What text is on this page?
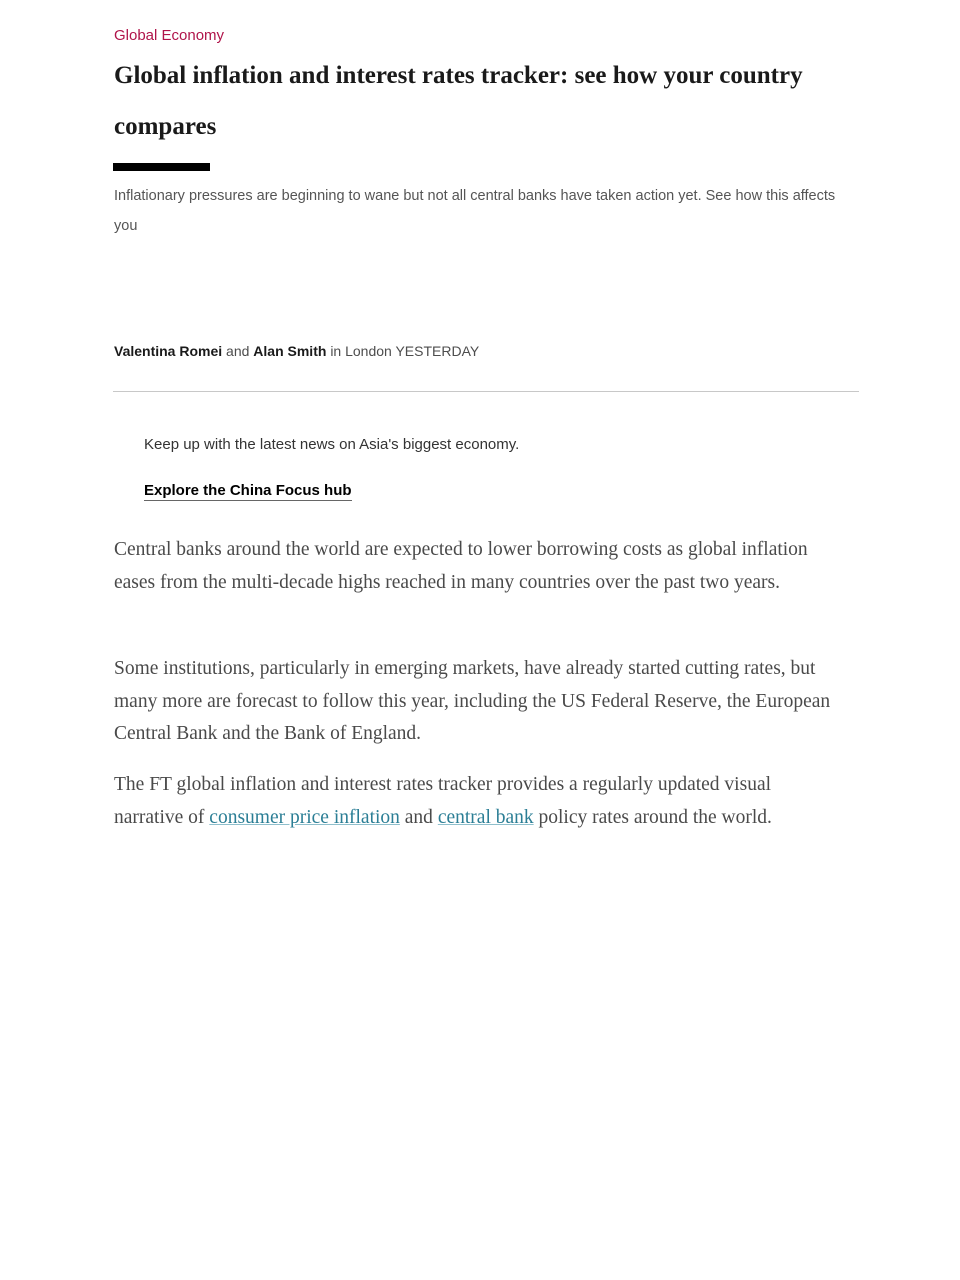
Global Economy
Global inflation and interest rates tracker: see how your country compares

Inflationary pressures are beginning to wane but not all central banks have taken action yet. See how this affects you

Valentina Romei and Alan Smith in London YESTERDAY

Keep up with the latest news on Asia's biggest economy.

Explore the China Focus hub

Central banks around the world are expected to lower borrowing costs as global inflation eases from the multi-decade highs reached in many countries over the past two years.

Some institutions, particularly in emerging markets, have already started cutting rates, but many more are forecast to follow this year, including the US Federal Reserve, the European Central Bank and the Bank of England.

The FT global inflation and interest rates tracker provides a regularly updated visual narrative of consumer price inflation and central bank policy rates around the world.
